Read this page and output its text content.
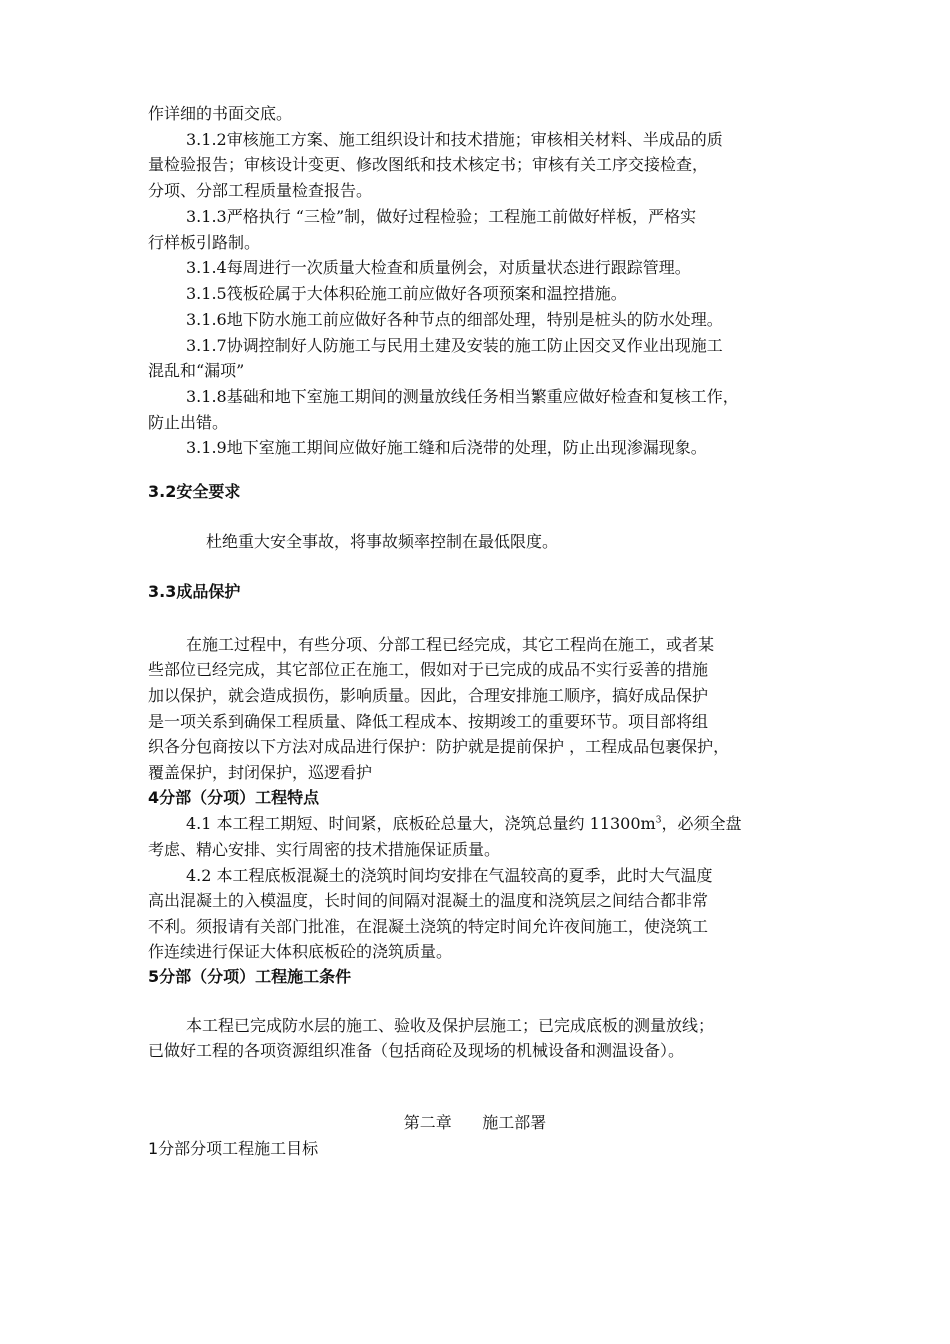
作详细的书面交底。
3.1.2审核施工方案、施工组织设计和技术措施；审核相关材料、半成品的质
量检验报告；审核设计变更、修改图纸和技术核定书；审核有关工序交接检查，
分项、分部工程质量检查报告。
3.1.3严格执行 “三检”制，做好过程检验；工程施工前做好样板，严格实
行样板引路制。
3.1.4每周进行一次质量大检查和质量例会，对质量状态进行跟踪管理。
3.1.5筏板砼属于大体积砼施工前应做好各项预案和温控措施。
3.1.6地下防水施工前应做好各种节点的细部处理，特别是桩头的防水处理。
3.1.7协调控制好人防施工与民用土建及安装的施工防止因交叉作业出现施工
混乱和“漏项”
3.1.8基础和地下室施工期间的测量放线任务相当繁重应做好检查和复核工作，
防止出错。
3.1.9地下室施工期间应做好施工缝和后浇带的处理，防止出现渗漏现象。
3.2安全要求
杜绝重大安全事故，将事故频率控制在最低限度。
3.3成品保护
在施工过程中，有些分项、分部工程已经完成，其它工程尚在施工，或者某
些部位已经完成，其它部位正在施工，假如对于已完成的成品不实行妥善的措施
加以保护，就会造成损伤，影响质量。因此，合理安排施工顺序，搞好成品保护
是一项关系到确保工程质量、降低工程成本、按期竣工的重要环节。项目部将组
织各分包商按以下方法对成品进行保护：防护就是提前保护 ，工程成品包裹保护，
覆盖保护，封闭保护，巡逻看护
4分部（分项）工程特点
4.1 本工程工期短、时间紧，底板砼总量大，浇筑总量约 $11300m^3$，必须全盘
考虑、精心安排、实行周密的技术措施保证质量。
4.2 本工程底板混凝土的浇筑时间均安排在气温较高的夏季，此时大气温度
高出混凝土的入模温度，长时间的间隔对混凝土的温度和浇筑层之间结合都非常
不利。须报请有关部门批准，在混凝土浇筑的特定时间允许夜间施工，使浇筑工
作连续进行保证大体积底板砼的浇筑质量。
5分部（分项）工程施工条件
本工程已完成防水层的施工、验收及保护层施工；已完成底板的测量放线；
已做好工程的各项资源组织准备（包括商砼及现场的机械设备和测温设备）。
第二章      施工部署
1分部分项工程施工目标
